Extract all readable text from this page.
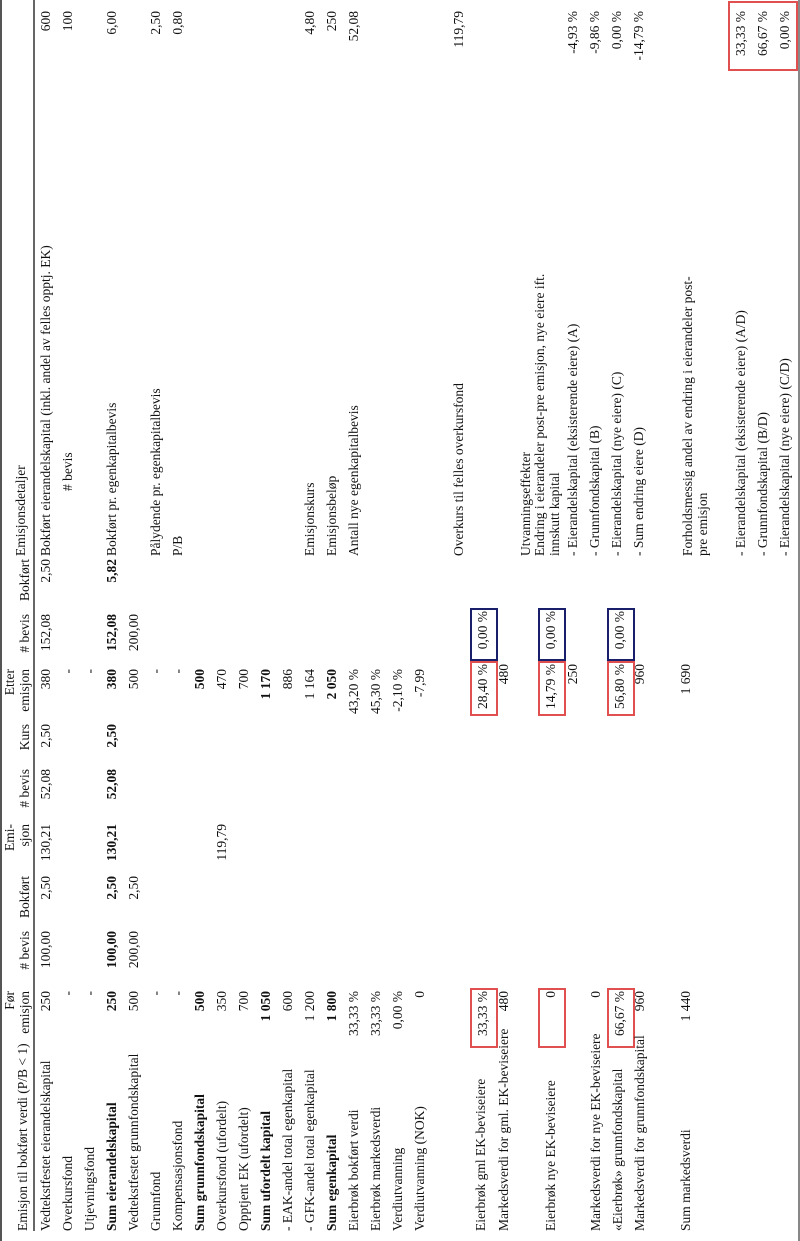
Emisjon til bokført verdi (P/B < 1)
Før
emisjon
# bevis
Bokført
Emi-
sjon
# bevis
Kurs
Etter
emisjon
# bevis
Bokført
Emisjonsdetaljer
Vedtekstfestet eierandelskapital
250
100,00
2,50
130,21
52,08
2,50
380
152,08
2,50
Bokført eierandelskapital (inkl. andel av felles opptj. EK)
600
Overkursfond
-
-
# bevis
100
Utjevningsfond
-
-
Sum eierandelskapital
250
100,00
2,50
130,21
52,08
2,50
380
152,08
5,82
Bokført pr. egenkapitalbevis
6,00
Vedtekstfestet grunnfondskapital
500
200,00
2,50
500
200,00
Grunnfond
-
-
Pålydende pr. egenkapitalbevis
2,50
Kompensasjonsfond
-
-
P/B
0,80
Sum grunnfondskapital
500
500
Overkursfond (ufordelt)
350
119,79
470
Opptjent EK (ufordelt)
700
700
Sum ufordelt kapital
1 050
1 170
- EAK-andel total egenkapital
600
886
- GFK-andel total egenkapital
1 200
1 164
Emisjonskurs
4,80
Sum egenkapital
1 800
2 050
Emisjonsbeløp
250
Eierbrøk bokført verdi
33,33 %
43,20 %
Antall nye egenkapitalbevis
52,08
Eierbrøk markedsverdi
33,33 %
45,30 %
Verdiutvanning
0,00 %
-2,10 %
Verdiutvanning (NOK)
0
-7,99
Overkurs til felles overkursfond
119,79
Eierbrøk gml EK-beviseiere
33,33 %
28,40 %
0,00 %
Markedsverdi for gml. EK-beviseiere
480
480
Utvanningseffekter Endring i eierandeler post-pre emisjon, nye eiere ift.
innskutt kapital
Eierbrøk nye EK-beviseiere
0
14,79 %
0,00 %
Markedsverdi for nye EK-beviseiere
0
250
- Eierandelskapital (eksisterende eiere) (A)
-4,93 %
- Grunnfondskapital (B)
-9,86 %
- Eierandelskapital (nye eiere) (C)
0,00 %
- Sum endring eiere (D)
-14,79 %
«Eierbrøk» grunnfondskapital
66,67 %
56,80 %
0,00 %
Markedsverdi for grunnfondskapital
960
960
Sum markedsverdi
1 440
1 690
Forholdsmessig andel av endring i eierandeler post-
pre emisjon - Eierandelskapital (eksisterende eiere) (A/D)
33,33 %
- Grunnfondskapital (B/D)
66,67 %
- Eierandelskapital (nye eiere) (C/D)
0,00 %
